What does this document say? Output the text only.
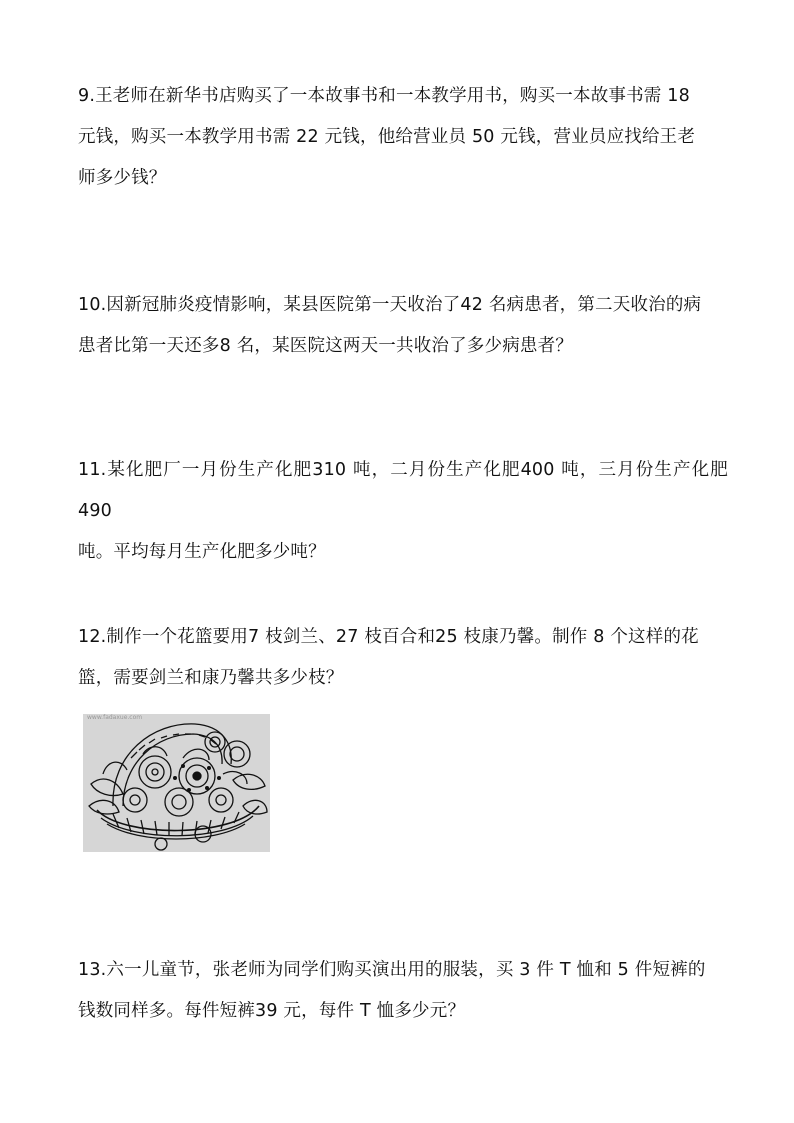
9.王老师在新华书店购买了一本故事书和一本教学用书，购买一本故事书需 18

元钱，购买一本教学用书需 22 元钱，他给营业员 50 元钱，营业员应找给王老

师多少钱？

10.因新冠肺炎疫情影响，某县医院第一天收治了42 名病患者，第二天收治的病

患者比第一天还多8 名，某医院这两天一共收治了多少病患者？

11.某化肥厂一月份生产化肥310 吨，二月份生产化肥400 吨，三月份生产化肥490

吨。平均每月生产化肥多少吨？

12.制作一个花篮要用7 枝剑兰、27 枝百合和25 枝康乃馨。制作 8 个这样的花

篮，需要剑兰和康乃馨共多少枝？

www.fadaxue.com

13.六一儿童节，张老师为同学们购买演出用的服装，买 3 件 T 恤和 5 件短裤的

钱数同样多。每件短裤39 元，每件 T 恤多少元？
